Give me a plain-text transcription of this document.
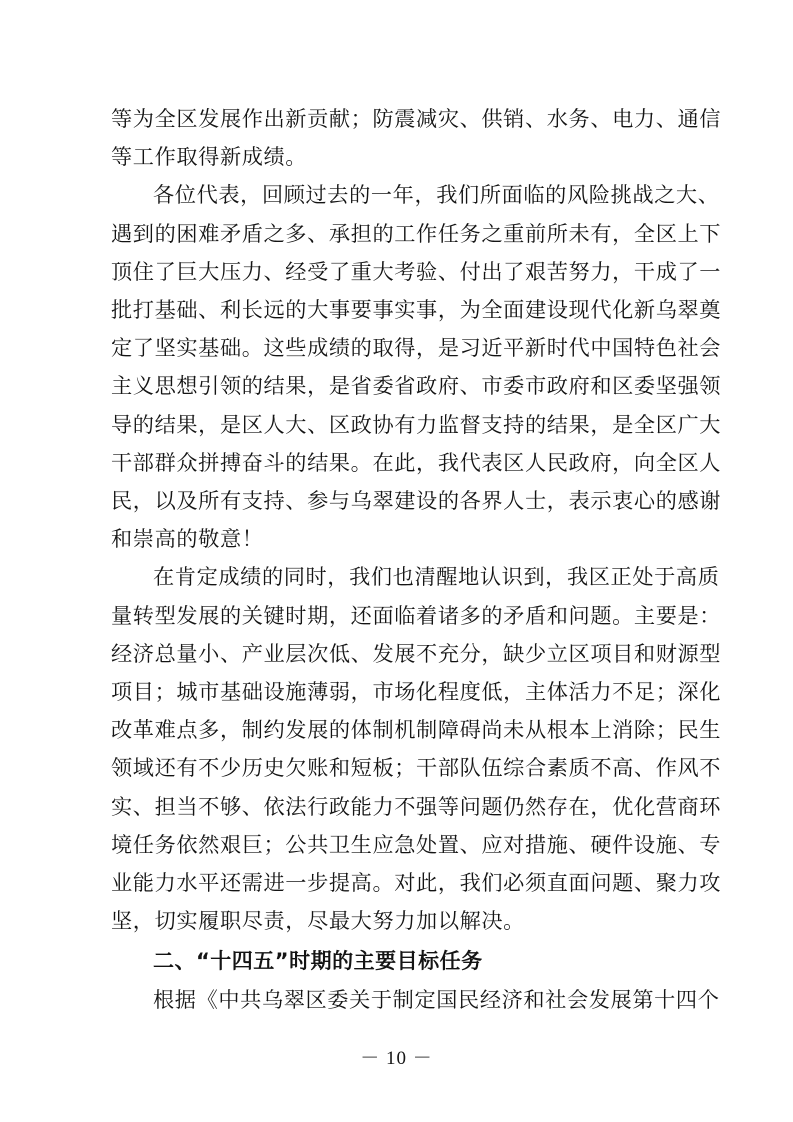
等为全区发展作出新贡献；防震减灾、供销、水务、电力、通信

等工作取得新成绩。

各位代表，回顾过去的一年，我们所面临的风险挑战之大、

遇到的困难矛盾之多、承担的工作任务之重前所未有，全区上下

顶住了巨大压力、经受了重大考验、付出了艰苦努力，干成了一

批打基础、利长远的大事要事实事，为全面建设现代化新乌翠奠

定了坚实基础。这些成绩的取得，是习近平新时代中国特色社会

主义思想引领的结果，是省委省政府、市委市政府和区委坚强领

导的结果，是区人大、区政协有力监督支持的结果，是全区广大

干部群众拼搏奋斗的结果。在此，我代表区人民政府，向全区人

民，以及所有支持、参与乌翠建设的各界人士，表示衷心的感谢

和崇高的敬意！

在肯定成绩的同时，我们也清醒地认识到，我区正处于高质

量转型发展的关键时期，还面临着诸多的矛盾和问题。主要是：

经济总量小、产业层次低、发展不充分，缺少立区项目和财源型

项目；城市基础设施薄弱，市场化程度低，主体活力不足；深化

改革难点多，制约发展的体制机制障碍尚未从根本上消除；民生

领域还有不少历史欠账和短板；干部队伍综合素质不高、作风不

实、担当不够、依法行政能力不强等问题仍然存在，优化营商环

境任务依然艰巨；公共卫生应急处置、应对措施、硬件设施、专

业能力水平还需进一步提高。对此，我们必须直面问题、聚力攻

坚，切实履职尽责，尽最大努力加以解决。

二、“十四五”时期的主要目标任务

根据《中共乌翠区委关于制定国民经济和社会发展第十四个

－ 10 －
